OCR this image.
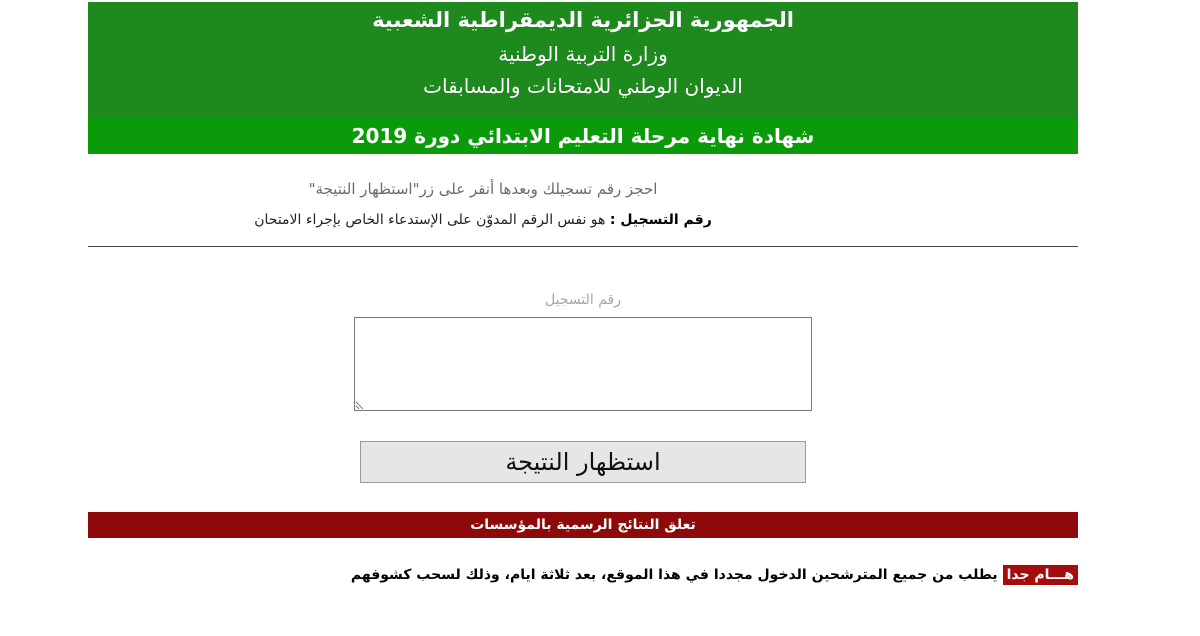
الجمهورية الجزائرية الديمقراطية الشعبية
وزارة التربية الوطنية
الديوان الوطني للامتحانات والمسابقات
شهادة نهاية مرحلة التعليم الابتدائي دورة 2019
احجز رقم تسجيلك وبعدها أنقر على زر"استظهار النتيجة"
رقم التسجيل : هو نفس الرقم المدوّن على الإستدعاء الخاص بإجراء الامتحان
رقم التسجيل
استظهار النتيجة
تعلق النتائج الرسمية بالمؤسسات
هـــام جدا يطلب من جميع المترشحين الدخول مجددا في هذا الموقع، بعد ثلاثة ايام، وذلك لسحب كشوفهم
